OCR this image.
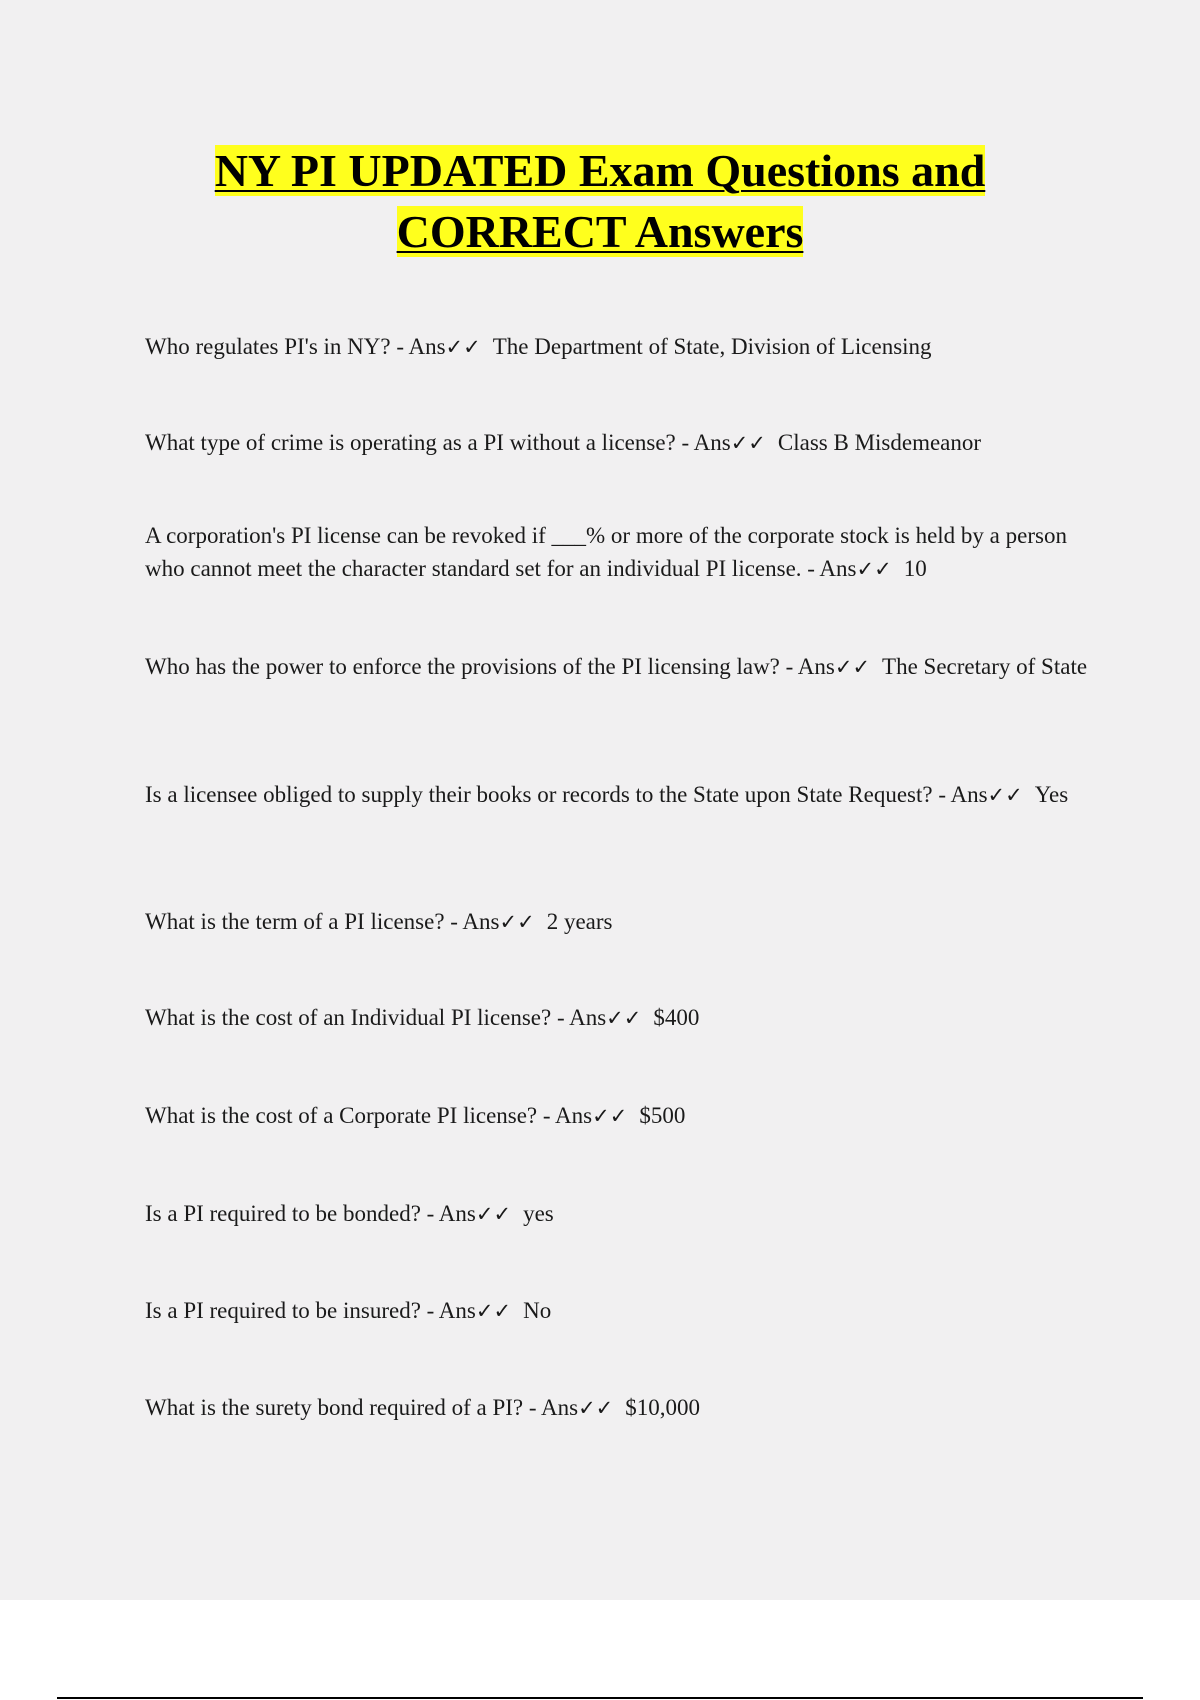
NY PI UPDATED Exam Questions and
CORRECT Answers

Who regulates PI's in NY? - Ans✓✓ The Department of State, Division of Licensing

What type of crime is operating as a PI without a license? - Ans✓✓ Class B Misdemeanor

A corporation's PI license can be revoked if ___% or more of the corporate stock is held by a person who cannot meet the character standard set for an individual PI license. - Ans✓✓ 10

Who has the power to enforce the provisions of the PI licensing law? - Ans✓✓ The Secretary of State

Is a licensee obliged to supply their books or records to the State upon State Request? - Ans✓✓ Yes

What is the term of a PI license? - Ans✓✓ 2 years

What is the cost of an Individual PI license? - Ans✓✓ $400

What is the cost of a Corporate PI license? - Ans✓✓ $500

Is a PI required to be bonded? - Ans✓✓ yes

Is a PI required to be insured? - Ans✓✓ No

What is the surety bond required of a PI? - Ans✓✓ $10,000
